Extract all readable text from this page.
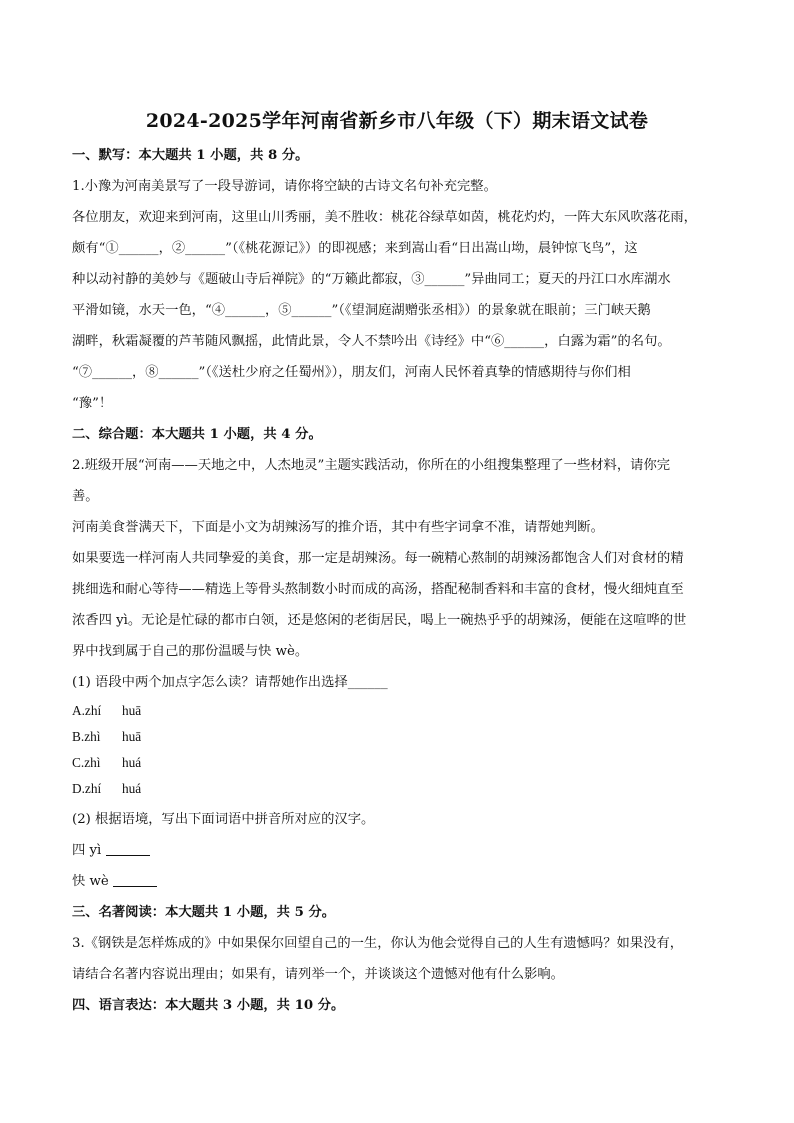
2024-2025学年河南省新乡市八年级（下）期末语文试卷
一、默写：本大题共 1 小题，共 8 分。
1.小豫为河南美景写了一段导游词，请你将空缺的古诗文名句补充完整。
各位朋友，欢迎来到河南，这里山川秀丽，美不胜收：桃花谷绿草如茵，桃花灼灼，一阵大东风吹落花雨，
颇有“①______，②______”（《桃花源记》）的即视感；来到嵩山看“日出嵩山坳，晨钟惊飞鸟”，这
种以动衬静的美妙与《题破山寺后禅院》的“万籁此都寂，③______”异曲同工；夏天的丹江口水库湖水
平滑如镜，水天一色，“④______，⑤______”（《望洞庭湖赠张丞相》）的景象就在眼前；三门峡天鹅
湖畔，秋霜凝覆的芦苇随风飘摇，此情此景，令人不禁吟出《诗经》中“⑥______，白露为霜”的名句。
“⑦______，⑧______”（《送杜少府之任蜀州》），朋友们，河南人民怀着真挚的情感期待与你们相
“豫”！
二、综合题：本大题共 1 小题，共 4 分。
2.班级开展“河南——天地之中，人杰地灵”主题实践活动，你所在的小组搜集整理了一些材料，请你完
善。
河南美食誉满天下，下面是小文为胡辣汤写的推介语，其中有些字词拿不准，请帮她判断。
如果要选一样河南人共同挚爱的美食，那一定是胡辣汤。每一碗精心熬制的胡辣汤都饱含人们对食材的精
挑细选和耐心等待——精选上等骨头熬制数小时而成的高汤，搭配秘制香料和丰富的食材，慢火细炖直至
浓香四 yì。无论是忙碌的都市白领，还是悠闲的老街居民，喝上一碗热乎乎的胡辣汤，便能在这喧哗的世
界中找到属于自己的那份温暖与快 wè。
(1) 语段中两个加点字怎么读？请帮她作出选择______
A.zhí huā
B.zhì huā
C.zhì huá
D.zhí huá
(2) 根据语境，写出下面词语中拼音所对应的汉字。
四 yì
快 wè
三、名著阅读：本大题共 1 小题，共 5 分。
3.《钢铁是怎样炼成的》中如果保尔回望自己的一生，你认为他会觉得自己的人生有遗憾吗？如果没有，
请结合名著内容说出理由；如果有，请列举一个，并谈谈这个遗憾对他有什么影响。
四、语言表达：本大题共 3 小题，共 10 分。
